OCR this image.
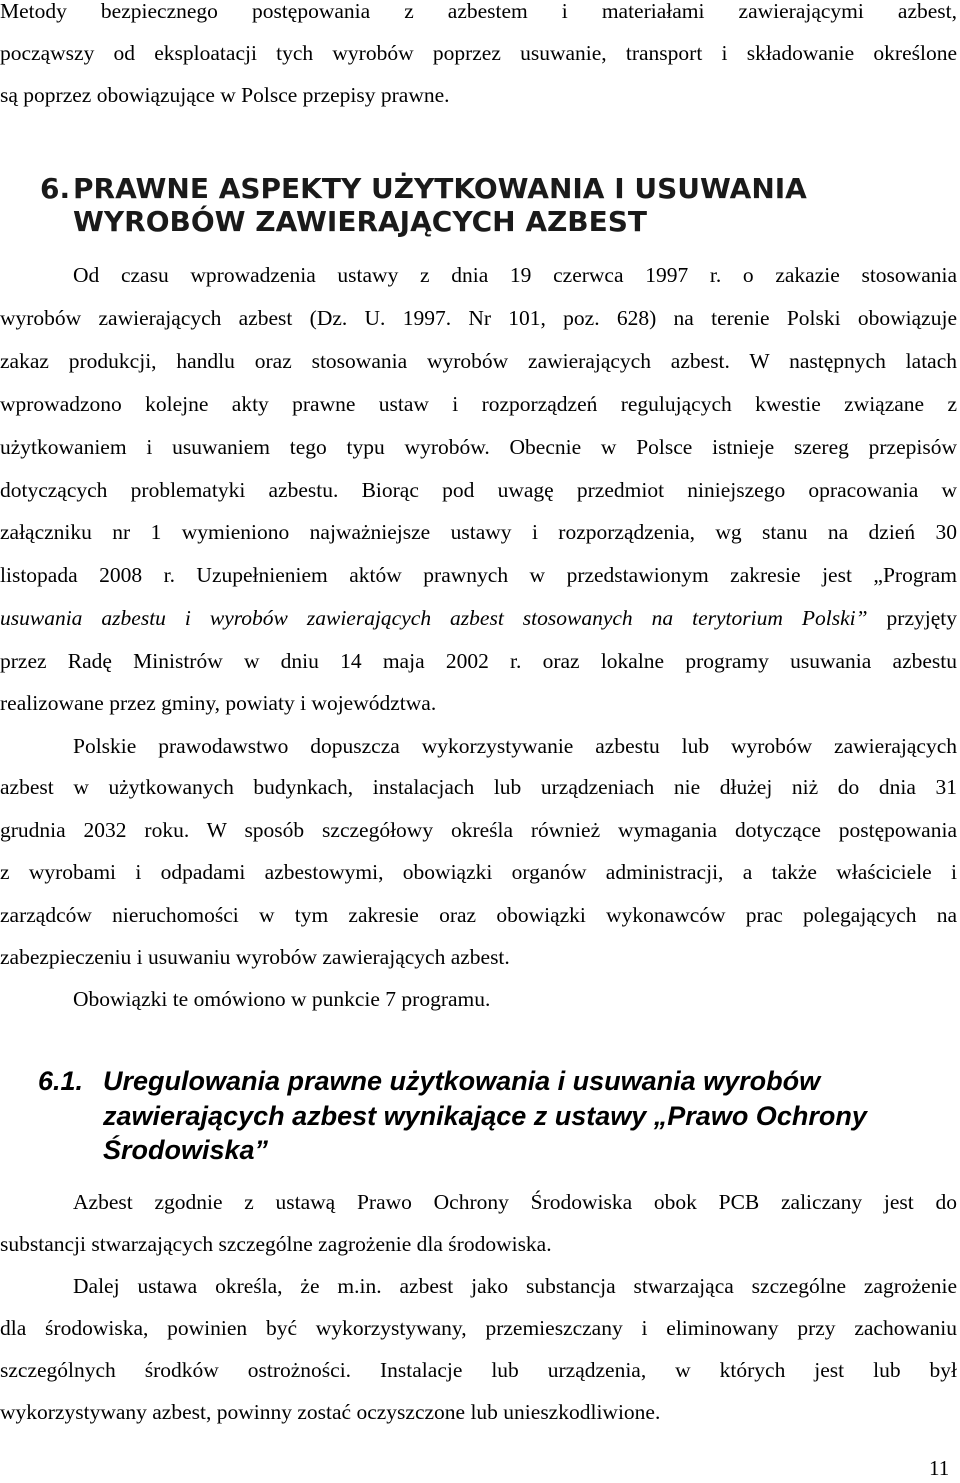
Metody bezpiecznego postępowania z azbestem i materiałami zawierającymi azbest,

począwszy od eksploatacji tych wyrobów poprzez usuwanie, transport i składowanie określone

są poprzez obowiązujące w Polsce przepisy prawne.

6. PRAWNE ASPEKTY UŻYTKOWANIA I USUWANIA
WYROBÓW ZAWIERAJĄCYCH AZBEST

Od czasu wprowadzenia ustawy z dnia 19 czerwca 1997 r. o zakazie stosowania

wyrobów zawierających azbest (Dz. U. 1997. Nr 101, poz. 628) na terenie Polski obowiązuje

zakaz produkcji, handlu oraz stosowania wyrobów zawierających azbest. W następnych latach

wprowadzono kolejne akty prawne ustaw i rozporządzeń regulujących kwestie związane z

użytkowaniem i usuwaniem tego typu wyrobów. Obecnie w Polsce istnieje szereg przepisów

dotyczących problematyki azbestu. Biorąc pod uwagę przedmiot niniejszego opracowania w

załączniku nr 1 wymieniono najważniejsze ustawy i rozporządzenia, wg stanu na dzień 30

listopada 2008 r. Uzupełnieniem aktów prawnych w przedstawionym zakresie jest „Program

usuwania azbestu i wyrobów zawierających azbest stosowanych na terytorium Polski” przyjęty

przez Radę Ministrów w dniu 14 maja 2002 r. oraz lokalne programy usuwania azbestu

realizowane przez gminy, powiaty i województwa.

Polskie prawodawstwo dopuszcza wykorzystywanie azbestu lub wyrobów zawierających

azbest w użytkowanych budynkach, instalacjach lub urządzeniach nie dłużej niż do dnia 31

grudnia 2032 roku. W sposób szczegółowy określa również wymagania dotyczące postępowania

z wyrobami i odpadami azbestowymi, obowiązki organów administracji, a także właściciele i

zarządców nieruchomości w tym zakresie oraz obowiązki wykonawców prac polegających na

zabezpieczeniu i usuwaniu wyrobów zawierających azbest.

Obowiązki te omówiono w punkcie 7 programu.

6.1. Uregulowania prawne użytkowania i usuwania wyrobów
zawierających azbest wynikające z ustawy „Prawo Ochrony
Środowiska”

Azbest zgodnie z ustawą Prawo Ochrony Środowiska obok PCB zaliczany jest do

substancji stwarzających szczególne zagrożenie dla środowiska.

Dalej ustawa określa, że m.in. azbest jako substancja stwarzająca szczególne zagrożenie

dla środowiska, powinien być wykorzystywany, przemieszczany i eliminowany przy zachowaniu

szczególnych środków ostrożności. Instalacje lub urządzenia, w których jest lub był

wykorzystywany azbest, powinny zostać oczyszczone lub unieszkodliwione.

11
